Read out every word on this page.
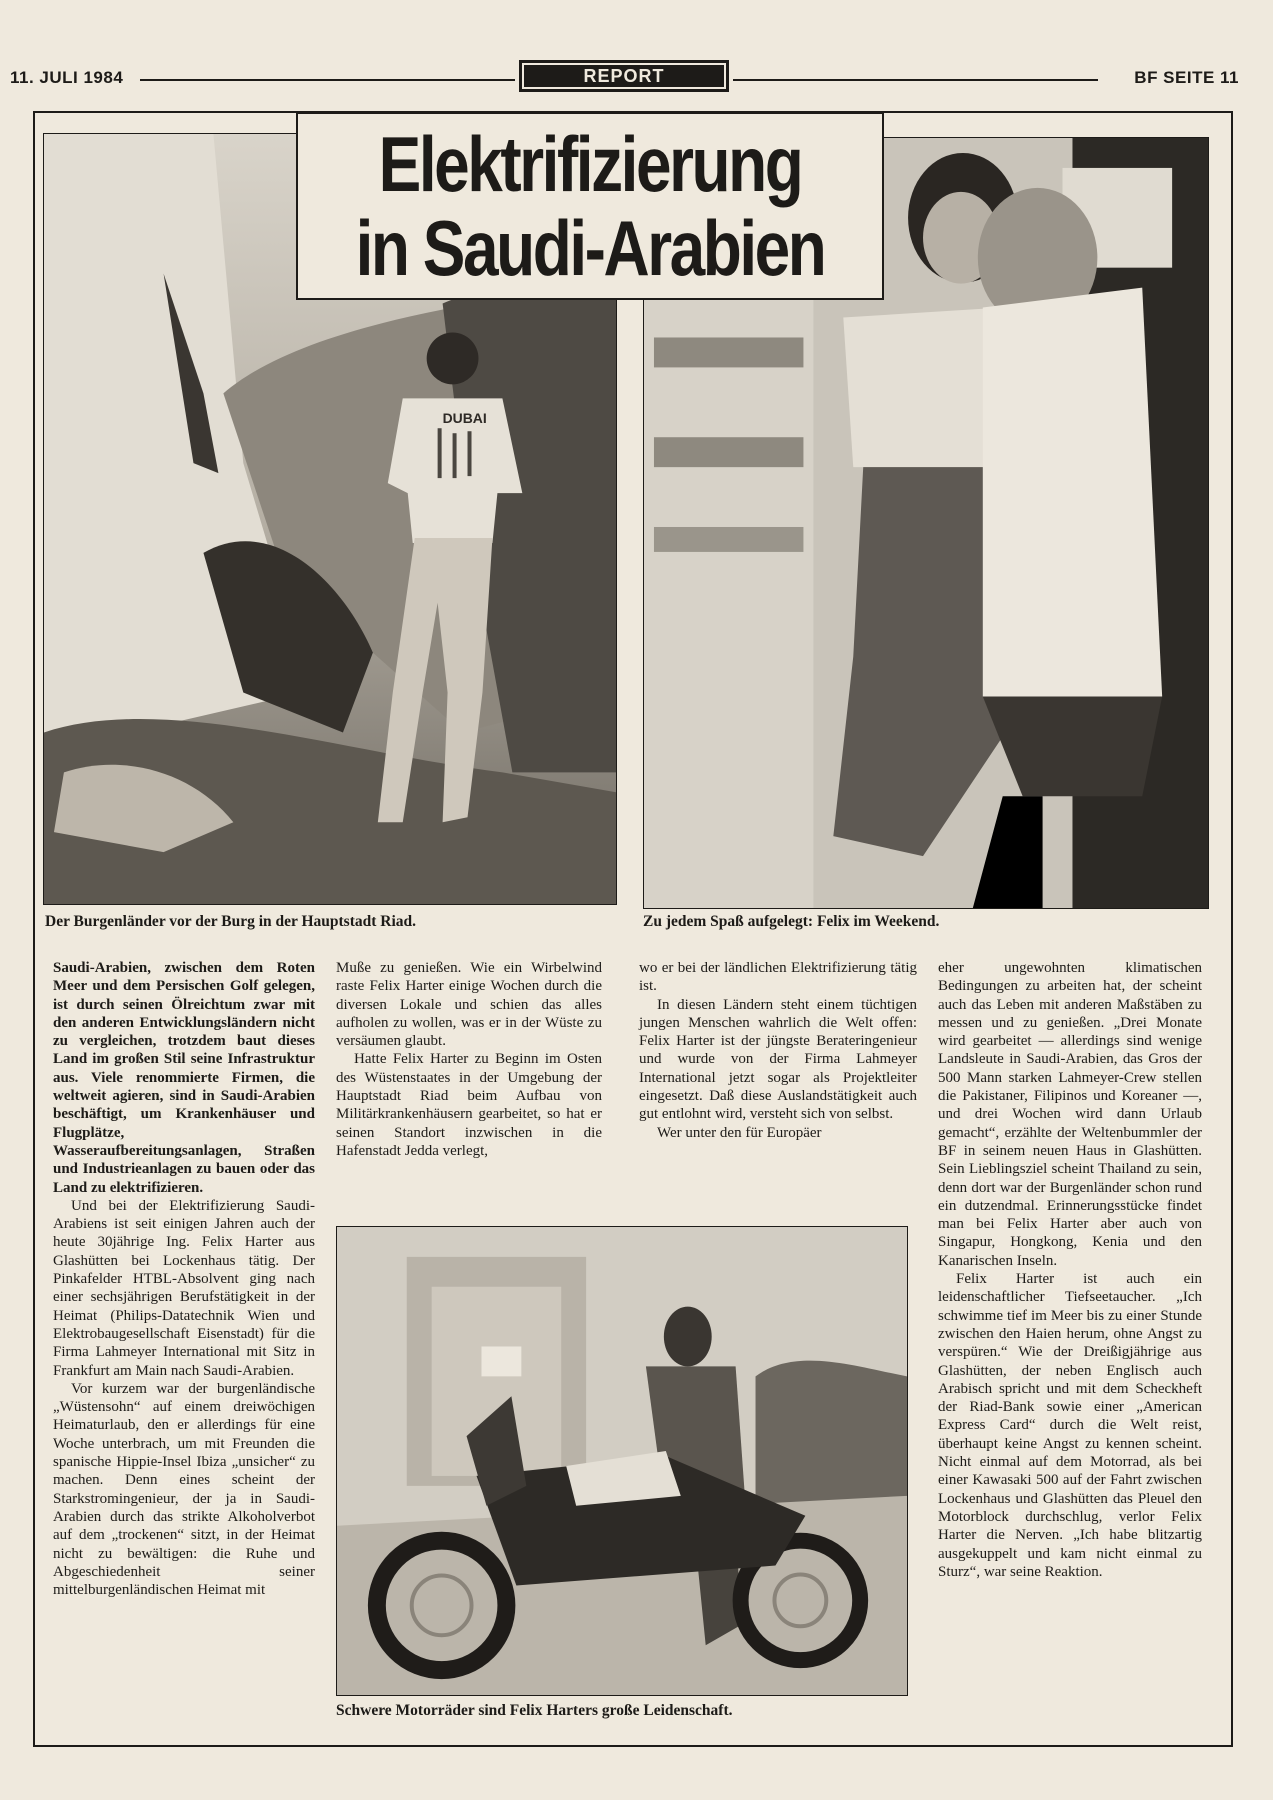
11. JULI 1984	REPORT	BF SEITE 11
DUBAI
Elektrifizierung
in Saudi-Arabien
Der Burgenländer vor der Burg in der Hauptstadt Riad.	Zu jedem Spaß aufgelegt: Felix im Weekend.

Saudi-Arabien, zwischen dem Roten Meer und dem Persischen Golf gelegen, ist durch seinen Ölreichtum zwar mit den anderen Entwicklungsländern nicht zu vergleichen, trotzdem baut dieses Land im großen Stil seine Infrastruktur aus. Viele renommierte Firmen, die weltweit agieren, sind in Saudi-Arabien beschäftigt, um Krankenhäuser und Flugplätze, Wasseraufbereitungsanlagen, Straßen und Industrieanlagen zu bauen oder das Land zu elektrifizieren.

Und bei der Elektrifizierung Saudi-Arabiens ist seit einigen Jahren auch der heute 30jährige Ing. Felix Harter aus Glashütten bei Lockenhaus tätig. Der Pinkafelder HTBL-Absolvent ging nach einer sechsjährigen Berufstätigkeit in der Heimat (Philips-Datatechnik Wien und Elektrobaugesellschaft Eisenstadt) für die Firma Lahmeyer International mit Sitz in Frankfurt am Main nach Saudi-Arabien.

Vor kurzem war der burgenländische „Wüstensohn“ auf einem dreiwöchigen Heimaturlaub, den er allerdings für eine Woche unterbrach, um mit Freunden die spanische Hippie-Insel Ibiza „unsicher“ zu machen. Denn eines scheint der Starkstromingenieur, der ja in Saudi-Arabien durch das strikte Alkoholverbot auf dem „trockenen“ sitzt, in der Heimat nicht zu bewältigen: die Ruhe und Abgeschiedenheit seiner mittelburgenländischen Heimat mit

Muße zu genießen. Wie ein Wirbelwind raste Felix Harter einige Wochen durch die diversen Lokale und schien das alles aufholen zu wollen, was er in der Wüste zu versäumen glaubt.

Hatte Felix Harter zu Beginn im Osten des Wüstenstaates in der Umgebung der Hauptstadt Riad beim Aufbau von Militärkrankenhäusern gearbeitet, so hat er seinen Standort inzwischen in die Hafenstadt Jedda verlegt,

wo er bei der ländlichen Elektrifizierung tätig ist.

In diesen Ländern steht einem tüchtigen jungen Menschen wahrlich die Welt offen: Felix Harter ist der jüngste Berateringenieur und wurde von der Firma Lahmeyer International jetzt sogar als Projektleiter eingesetzt. Daß diese Auslandstätigkeit auch gut entlohnt wird, versteht sich von selbst.

Wer unter den für Europäer

eher ungewohnten klimatischen Bedingungen zu arbeiten hat, der scheint auch das Leben mit anderen Maßstäben zu messen und zu genießen. „Drei Monate wird gearbeitet — allerdings sind wenige Landsleute in Saudi-Arabien, das Gros der 500 Mann starken Lahmeyer-Crew stellen die Pakistaner, Filipinos und Koreaner —, und drei Wochen wird dann Urlaub gemacht“, erzählte der Weltenbummler der BF in seinem neuen Haus in Glashütten. Sein Lieblingsziel scheint Thailand zu sein, denn dort war der Burgenländer schon rund ein dutzendmal. Erinnerungsstücke findet man bei Felix Harter aber auch von Singapur, Hongkong, Kenia und den Kanarischen Inseln.

Felix Harter ist auch ein leidenschaftlicher Tiefseetaucher. „Ich schwimme tief im Meer bis zu einer Stunde zwischen den Haien herum, ohne Angst zu verspüren.“ Wie der Dreißigjährige aus Glashütten, der neben Englisch auch Arabisch spricht und mit dem Scheckheft der Riad-Bank sowie einer „American Express Card“ durch die Welt reist, überhaupt keine Angst zu kennen scheint. Nicht einmal auf dem Motorrad, als bei einer Kawasaki 500 auf der Fahrt zwischen Lockenhaus und Glashütten das Pleuel den Motorblock durchschlug, verlor Felix Harter die Nerven. „Ich habe blitzartig ausgekuppelt und kam nicht einmal zu Sturz“, war seine Reaktion.

Schwere Motorräder sind Felix Harters große Leidenschaft.
